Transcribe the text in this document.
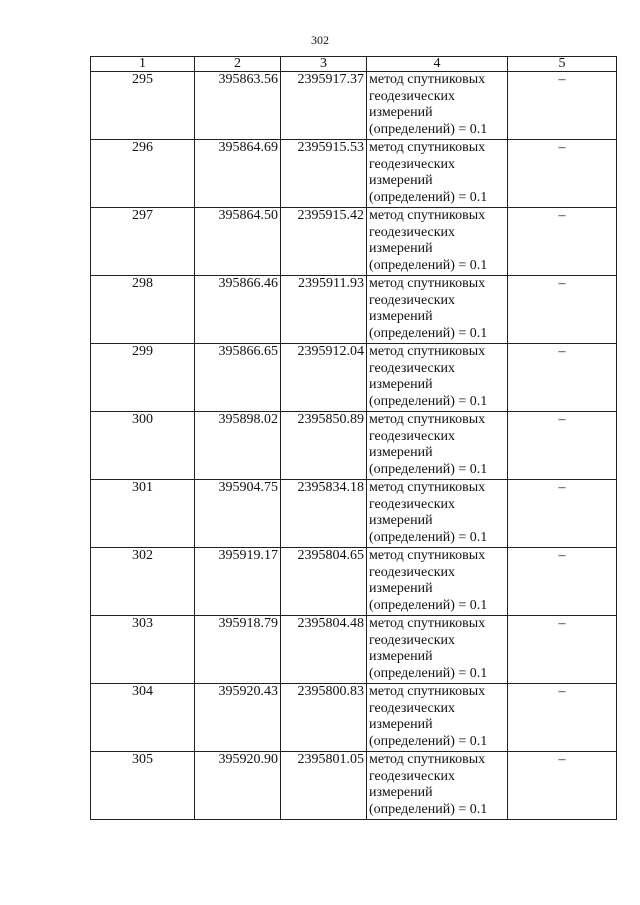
302
1	2	3	4	5
295	395863.56	2395917.37	метод спутниковых
геодезических
измерений
(определений) = 0.1	–
296	395864.69	2395915.53	метод спутниковых
геодезических
измерений
(определений) = 0.1	–
297	395864.50	2395915.42	метод спутниковых
геодезических
измерений
(определений) = 0.1	–
298	395866.46	2395911.93	метод спутниковых
геодезических
измерений
(определений) = 0.1	–
299	395866.65	2395912.04	метод спутниковых
геодезических
измерений
(определений) = 0.1	–
300	395898.02	2395850.89	метод спутниковых
геодезических
измерений
(определений) = 0.1	–
301	395904.75	2395834.18	метод спутниковых
геодезических
измерений
(определений) = 0.1	–
302	395919.17	2395804.65	метод спутниковых
геодезических
измерений
(определений) = 0.1	–
303	395918.79	2395804.48	метод спутниковых
геодезических
измерений
(определений) = 0.1	–
304	395920.43	2395800.83	метод спутниковых
геодезических
измерений
(определений) = 0.1	–
305	395920.90	2395801.05	метод спутниковых
геодезических
измерений
(определений) = 0.1	–
